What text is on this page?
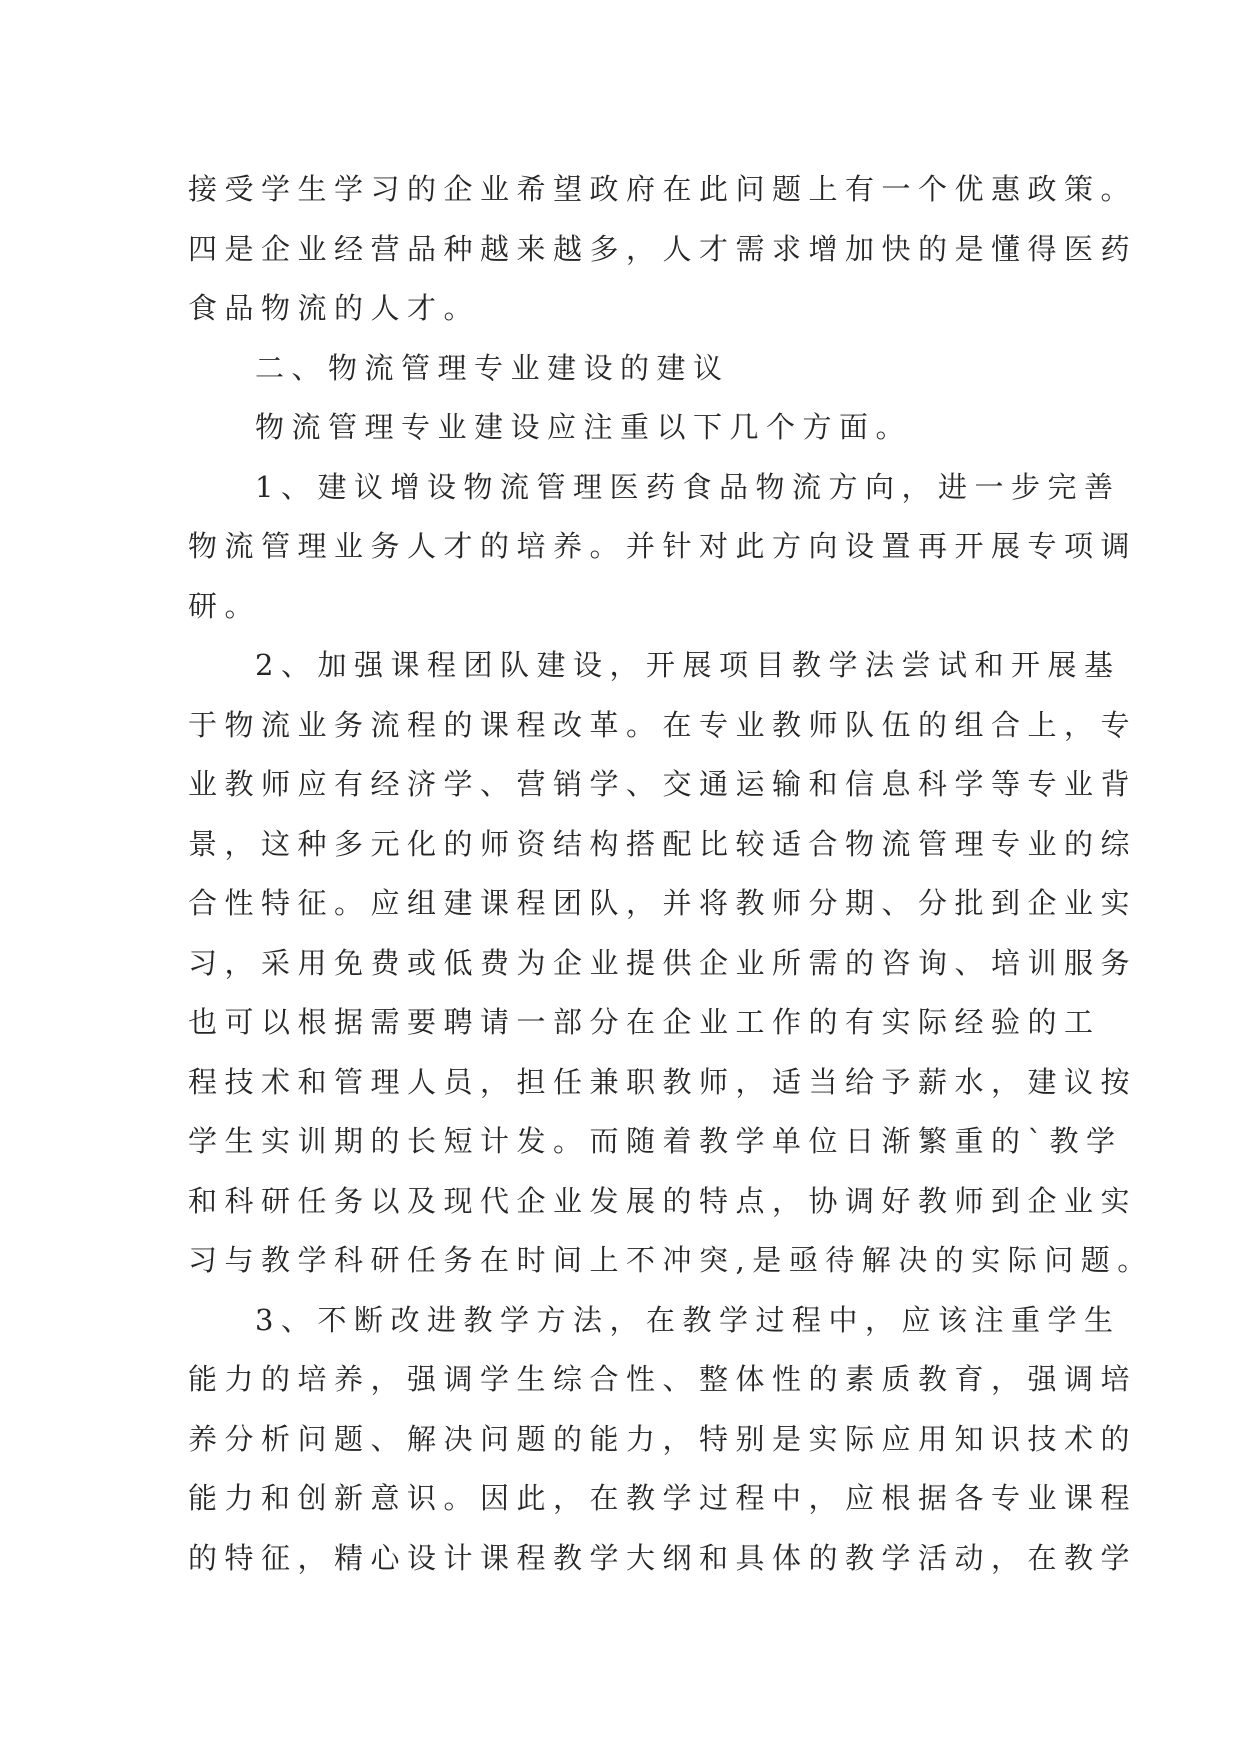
接受学生学习的企业希望政府在此问题上有一个优惠政策。
四是企业经营品种越来越多，人才需求增加快的是懂得医药
食品物流的人才。
二、物流管理专业建设的建议
物流管理专业建设应注重以下几个方面。
1、建议增设物流管理医药食品物流方向，进一步完善
物流管理业务人才的培养。并针对此方向设置再开展专项调
研。
2、加强课程团队建设，开展项目教学法尝试和开展基
于物流业务流程的课程改革。在专业教师队伍的组合上，专
业教师应有经济学、营销学、交通运输和信息科学等专业背
景，这种多元化的师资结构搭配比较适合物流管理专业的综
合性特征。应组建课程团队，并将教师分期、分批到企业实
习，采用免费或低费为企业提供企业所需的咨询、培训服务
也可以根据需要聘请一部分在企业工作的有实际经验的工
程技术和管理人员，担任兼职教师，适当给予薪水，建议按
学生实训期的长短计发。而随着教学单位日渐繁重的`教学
和科研任务以及现代企业发展的特点，协调好教师到企业实
习与教学科研任务在时间上不冲突,是亟待解决的实际问题。
3、不断改进教学方法，在教学过程中，应该注重学生
能力的培养，强调学生综合性、整体性的素质教育，强调培
养分析问题、解决问题的能力，特别是实际应用知识技术的
能力和创新意识。因此，在教学过程中，应根据各专业课程
的特征，精心设计课程教学大纲和具体的教学活动，在教学
